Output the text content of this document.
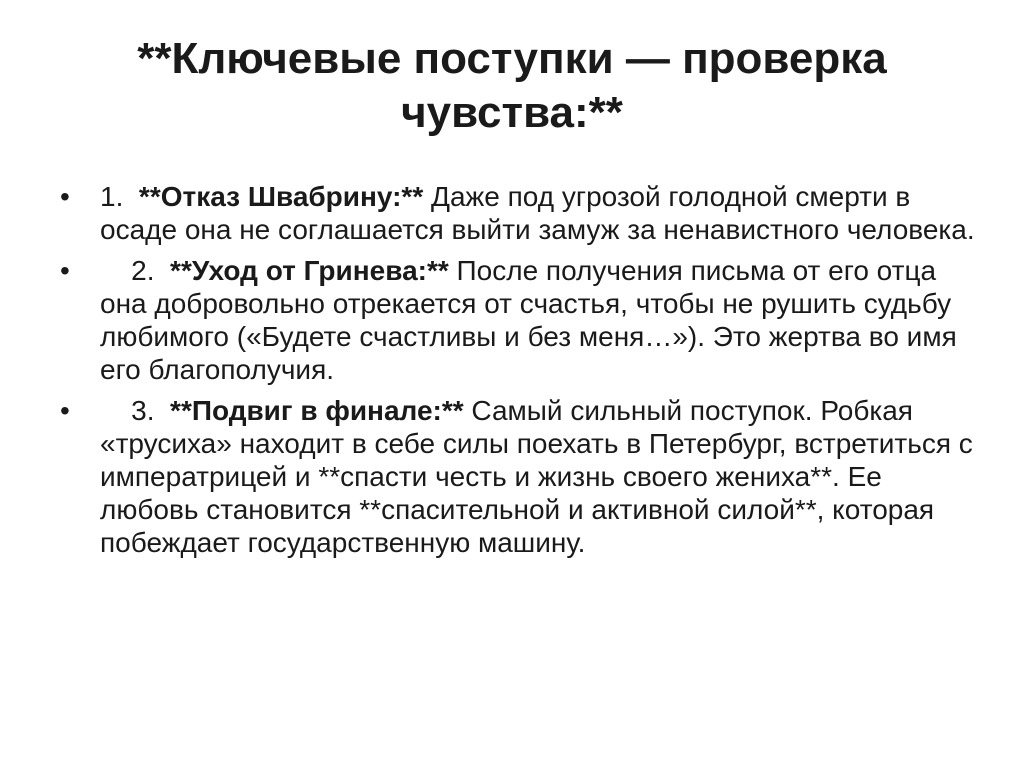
**Ключевые поступки — проверка чувства:**
•	1. **Отказ Швабрину:** Даже под угрозой голодной смерти в осаде она не соглашается выйти замуж за ненавистного человека.
•	2. **Уход от Гринева:** После получения письма от его отца она добровольно отрекается от счастья, чтобы не рушить судьбу любимого («Будете счастливы и без меня…»). Это жертва во имя его благополучия.
•	3. **Подвиг в финале:** Самый сильный поступок. Робкая «трусиха» находит в себе силы поехать в Петербург, встретиться с императрицей и **спасти честь и жизнь своего жениха**. Ее любовь становится **спасительной и активной силой**, которая побеждает государственную машину.
